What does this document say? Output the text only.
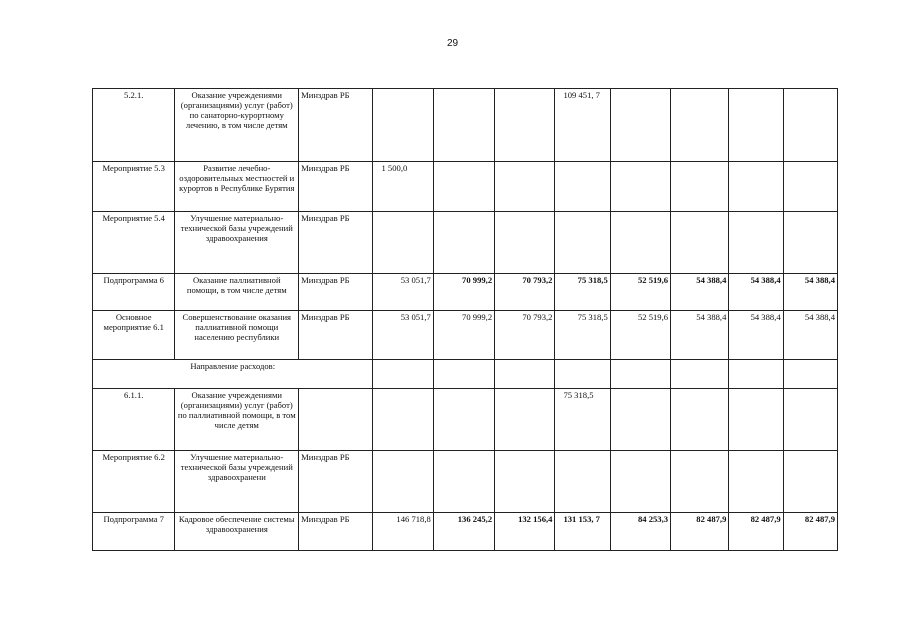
29
5.2.1.	Оказание учреждениями (организациями) услуг (работ) по санаторно-курортному лечению, в том числе детям	Минздрав РБ				109 451, 7				
Мероприятие 5.3	Развитие лечебно-оздоровительных местностей и курортов в Республике Бурятия	Минздрав РБ	1 500,0							
Мероприятие 5.4	Улучшение материально-технической базы учреждений здравоохранения	Минздрав РБ								
Подпрограмма 6	Оказание паллиативной помощи, в том числе детям	Минздрав РБ	53 051,7	70 999,2	70 793,2	75 318,5	52 519,6	54 388,4	54 388,4	54 388,4
Основное мероприятие 6.1	Совершенствование оказания паллиативной помощи населению республики	Минздрав РБ	53 051,7	70 999,2	70 793,2	75 318,5	52 519,6	54 388,4	54 388,4	54 388,4
Направление расходов:										
6.1.1.	Оказание учреждениями (организациями) услуг (работ) по паллиативной помощи, в том числе детям					75 318,5				
Мероприятие 6.2	Улучшение материально-технической базы учреждений здравоохранени	Минздрав РБ								
Подпрограмма 7	Кадровое обеспечение системы здравоохранения	Минздрав РБ	146 718,8	136 245,2	132 156,4	131 153, 7	84 253,3	82 487,9	82 487,9	82 487,9
